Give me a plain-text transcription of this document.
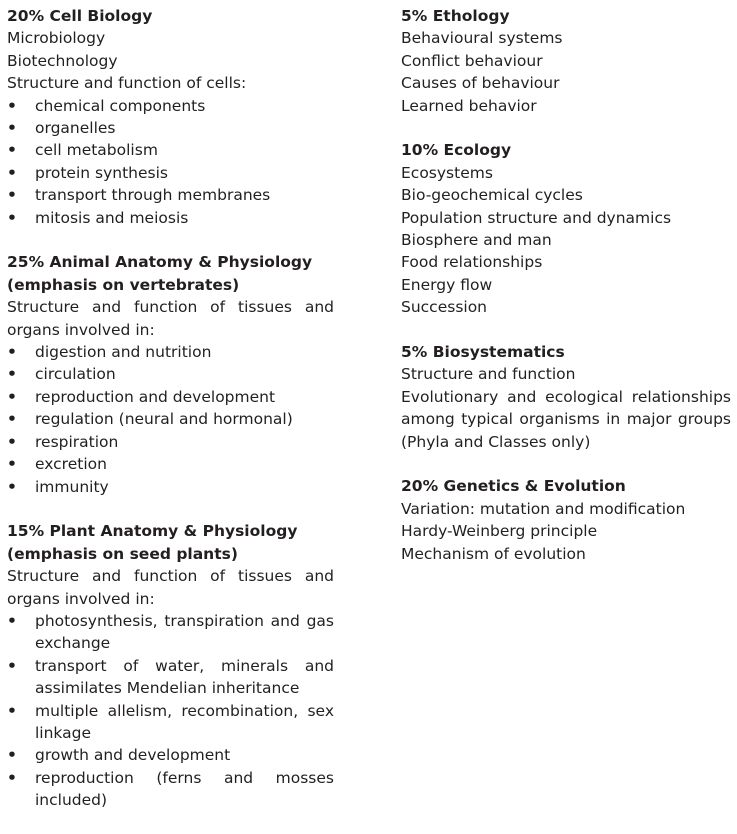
20% Cell Biology

Microbiology

Biotechnology

Structure and function of cells:

• chemical components
• organelles
• cell metabolism
• protein synthesis
• transport through membranes
• mitosis and meiosis

25% Animal Anatomy & Physiology (emphasis on vertebrates)

Structure and function of tissues and organs involved in:

• digestion and nutrition
• circulation
• reproduction and development
• regulation (neural and hormonal)
• respiration
• excretion
• immunity

15% Plant Anatomy & Physiology (emphasis on seed plants)

Structure and function of tissues and organs involved in:

• photosynthesis, transpiration and gas exchange
• transport of water, minerals and assimilates Mendelian inheritance
• multiple allelism, recombination, sex linkage
• growth and development
• reproduction (ferns and mosses included)

5% Ethology

Behavioural systems

Conflict behaviour

Causes of behaviour

Learned behavior

10% Ecology

Ecosystems

Bio-geochemical cycles

Population structure and dynamics

Biosphere and man

Food relationships

Energy flow

Succession

5% Biosystematics

Structure and function

Evolutionary and ecological relationships among typical organisms in major groups (Phyla and Classes only)

20% Genetics & Evolution

Variation: mutation and modification

Hardy-Weinberg principle

Mechanism of evolution
